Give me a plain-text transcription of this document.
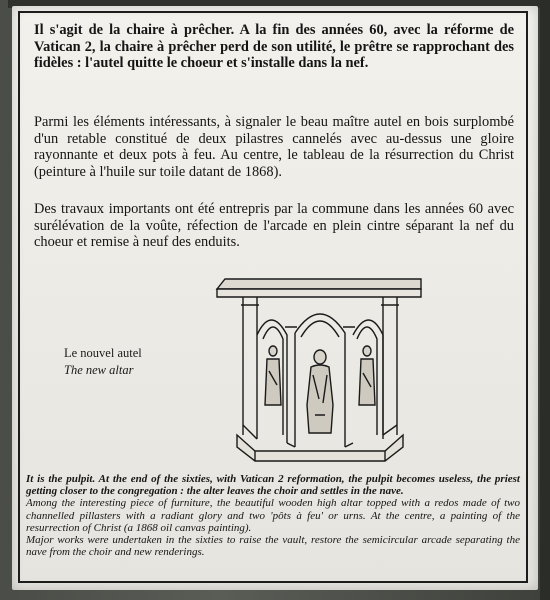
Il s'agit de la chaire à prêcher. A la fin des années 60, avec la réforme de Vatican 2, la chaire à prêcher perd de son utilité, le prêtre se rapprochant des fidèles : l'autel quitte le choeur et s'installe dans la nef.

Parmi les éléments intéressants, à signaler le beau maître autel en bois surplombé d'un retable constitué de deux pilastres cannelés avec au-dessus une gloire rayonnante et deux pots à feu. Au centre, le tableau de la résurrection du Christ (peinture à l'huile sur toile datant de 1868).

Des travaux importants ont été entrepris par la commune dans les années 60 avec surélévation de la voûte, réfection de l'arcade en plein cintre séparant la nef du choeur et remise à neuf des enduits.

Le nouvel autel
The new altar

It is the pulpit. At the end of the sixties, with Vatican 2 reformation, the pulpit becomes useless, the priest getting closer to the congregation : the alter leaves the choir and settles in the nave.

Among the interesting piece of furniture, the beautiful wooden high altar topped with a redos made of two channelled pillasters with a radiant glory and two 'pôts à feu' or urns. At the centre, a painting of the resurrection of Christ (a 1868 oil canvas painting).

Major works were undertaken in the sixties to raise the vault, restore the semicircular arcade separating the nave from the choir and new renderings.
